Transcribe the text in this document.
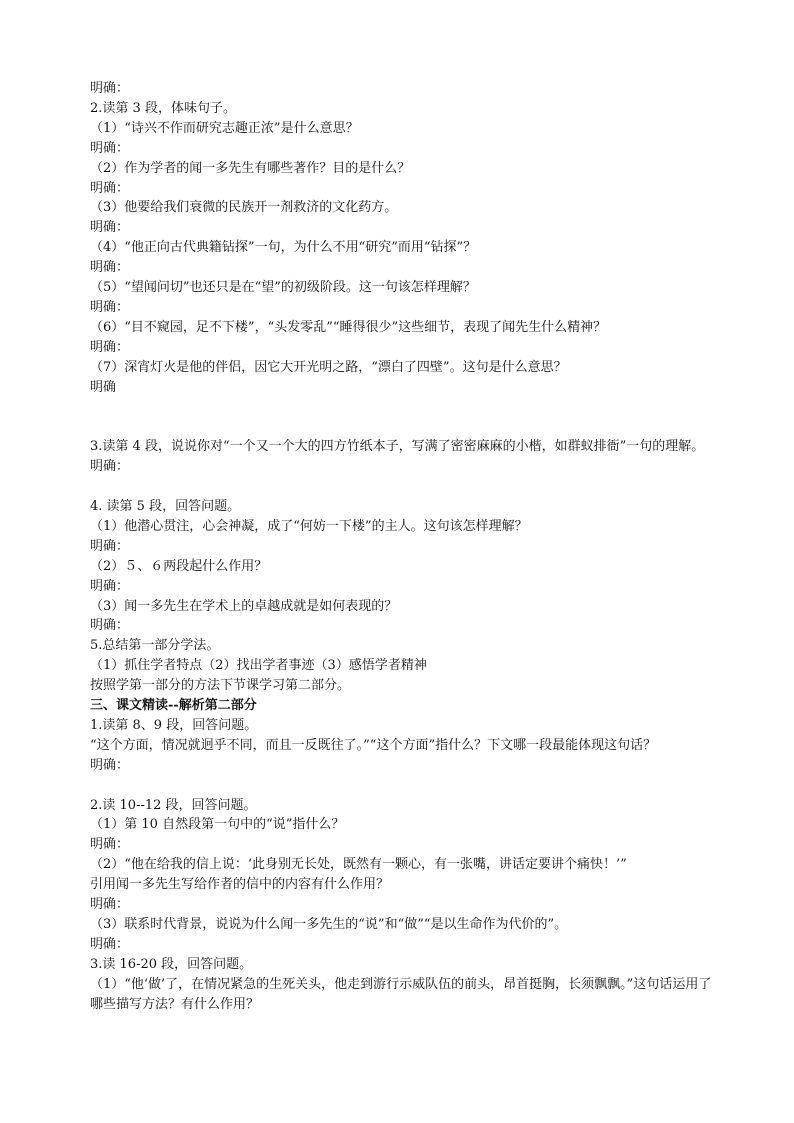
明确：
2.读第 3 段，体味句子。
（1）“诗兴不作而研究志趣正浓”是什么意思？
明确：
（2）作为学者的闻一多先生有哪些著作？目的是什么？
明确：
（3）他要给我们衰微的民族开一剂救济的文化药方。
明确：
（4）“他正向古代典籍钻探”一句，为什么不用“研究”而用“钻探”？
明确：
（5）“望闻问切”也还只是在“望”的初级阶段。这一句该怎样理解？
明确：
（6）“目不窥园，足不下楼”，“头发零乱”“睡得很少”这些细节，表现了闻先生什么精神？
明确：
（7）深宵灯火是他的伴侣，因它大开光明之路，“漂白了四壁”。这句是什么意思？
明确
3.读第 4 段，说说你对“一个又一个大的四方竹纸本子，写满了密密麻麻的小楷，如群蚁排衙”一句的理解。
明确：
4. 读第 5 段，回答问题。
（1）他潜心贯注，心会神凝，成了“何妨一下楼”的主人。这句该怎样理解？
明确：
（2）５、６两段起什么作用？
明确：
（3）闻一多先生在学术上的卓越成就是如何表现的？
明确：
5.总结第一部分学法。
（1）抓住学者特点（2）找出学者事迹（3）感悟学者精神
按照学第一部分的方法下节课学习第二部分。
三、课文精读--解析第二部分
1.读第 8、9 段，回答问题。
“这个方面，情况就迥乎不同，而且一反既往了。”“这个方面”指什么？下文哪一段最能体现这句话？
明确：
2.读 10--12 段，回答问题。
（1）第 10 自然段第一句中的“说”指什么？
明确：
（2）“他在给我的信上说：‘此身别无长处，既然有一颗心，有一张嘴，讲话定要讲个痛快！’”
引用闻一多先生写给作者的信中的内容有什么作用？
明确：
（3）联系时代背景，说说为什么闻一多先生的“说”和“做”“是以生命作为代价的”。
明确：
3.读 16-20 段，回答问题。
（1）“他‘做’了，在情况紧急的生死关头，他走到游行示威队伍的前头，昂首挺胸，长须飘飘。”这句话运用了哪些描写方法？有什么作用？
